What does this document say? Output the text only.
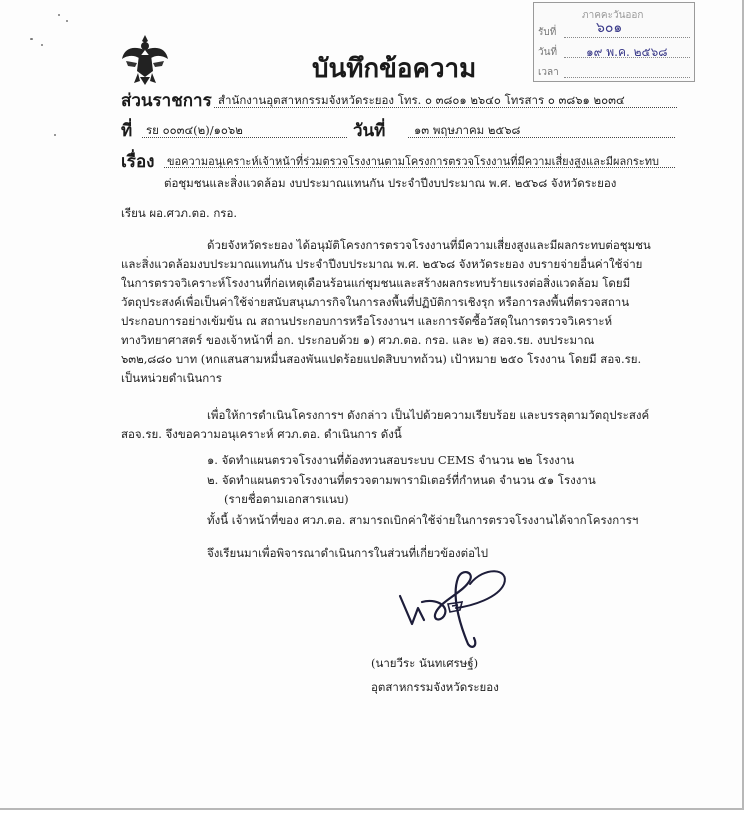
บันทึกข้อความ
ภาคคะวันออก
รับที่	๖๐๑
วันที่	๑๙ พ.ค. ๒๕๖๘
เวลา
ส่วนราชการ สำนักงานอุตสาหกรรมจังหวัดระยอง โทร. ๐ ๓๘๐๑ ๒๖๔๐ โทรสาร ๐ ๓๘๖๑ ๒๐๓๔
ที่ รย ๐๐๓๔(๒)/๑๐๖๒	วันที่ ๑๓ พฤษภาคม ๒๕๖๘
เรื่อง ขอความอนุเคราะห์เจ้าหน้าที่ร่วมตรวจโรงงานตามโครงการตรวจโรงงานที่มีความเสี่ยงสูงและมีผลกระทบ
ต่อชุมชนและสิ่งแวดล้อม งบประมาณแทนกัน ประจำปีงบประมาณ พ.ศ. ๒๕๖๘ จังหวัดระยอง
เรียน ผอ.ศวภ.ตอ. กรอ.
ด้วยจังหวัดระยอง ได้อนุมัติโครงการตรวจโรงงานที่มีความเสี่ยงสูงและมีผลกระทบต่อชุมชน
และสิ่งแวดล้อมงบประมาณแทนกัน ประจำปีงบประมาณ พ.ศ. ๒๕๖๘ จังหวัดระยอง งบรายจ่ายอื่นค่าใช้จ่าย
ในการตรวจวิเคราะห์โรงงานที่ก่อเหตุเดือนร้อนแก่ชุมชนและสร้างผลกระทบร้ายแรงต่อสิ่งแวดล้อม โดยมี
วัตถุประสงค์เพื่อเป็นค่าใช้จ่ายสนับสนุนภารกิจในการลงพื้นที่ปฏิบัติการเชิงรุก หรือการลงพื้นที่ตรวจสถาน
ประกอบการอย่างเข้มข้น ณ สถานประกอบการหรือโรงงานฯ และการจัดซื้อวัสดุในการตรวจวิเคราะห์
ทางวิทยาศาสตร์ ของเจ้าหน้าที่ อก. ประกอบด้วย ๑) ศวภ.ตอ. กรอ. และ ๒) สอจ.รย. งบประมาณ
๖๓๒,๘๘๐ บาท (หกแสนสามหมื่นสองพันแปดร้อยแปดสิบบาทถ้วน) เป้าหมาย ๒๕๐ โรงงาน โดยมี สอจ.รย.
เป็นหน่วยดำเนินการ
เพื่อให้การดำเนินโครงการฯ ดังกล่าว เป็นไปด้วยความเรียบร้อย และบรรลุตามวัตถุประสงค์
สอจ.รย. จึงขอความอนุเคราะห์ ศวภ.ตอ. ดำเนินการ ดังนี้
๑. จัดทำแผนตรวจโรงงานที่ต้องทวนสอบระบบ CEMS จำนวน ๒๒ โรงงาน
๒. จัดทำแผนตรวจโรงงานที่ตรวจตามพารามิเตอร์ที่กำหนด จำนวน ๕๑ โรงงาน
(รายชื่อตามเอกสารแนบ)
ทั้งนี้ เจ้าหน้าที่ของ ศวภ.ตอ. สามารถเบิกค่าใช้จ่ายในการตรวจโรงงานได้จากโครงการฯ
จึงเรียนมาเพื่อพิจารณาดำเนินการในส่วนที่เกี่ยวข้องต่อไป
(นายวีระ นันทเศรษฐ์)
อุตสาหกรรมจังหวัดระยอง
